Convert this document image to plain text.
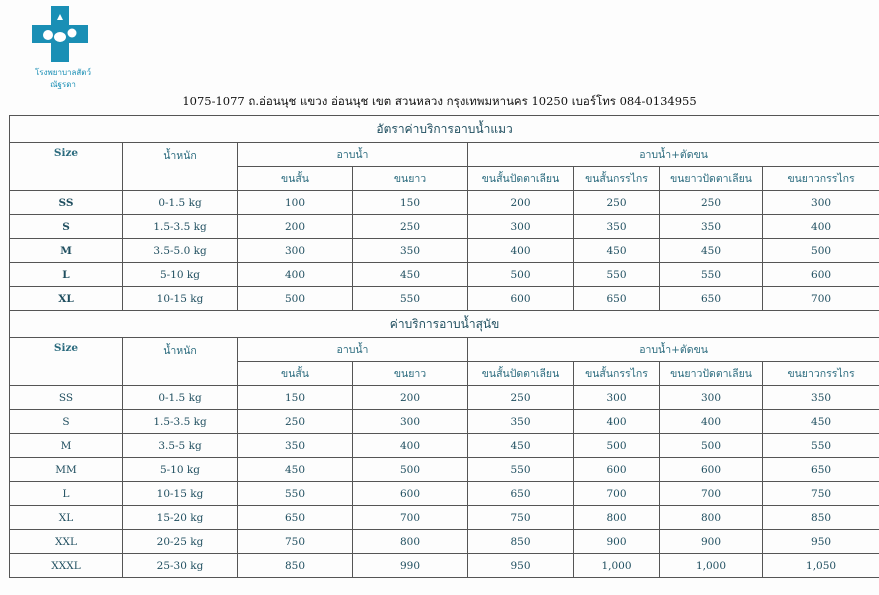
โรงพยาบาลสัตว์
ณัฐรดา
1075-1077 ถ.อ่อนนุช แขวง อ่อนนุช เขต สวนหลวง กรุงเทพมหานคร 10250 เบอร์โทร 084-0134955
อัตราค่าบริการอาบน้ำแมว							
Size	น้ำหนัก	อาบน้ำ		อาบน้ำ+ตัดขน			
		ขนสั้น	ขนยาว	ขนสั้นปัดตาเลียน	ขนสั้นกรรไกร	ขนยาวปัดตาเลียน	ขนยาวกรรไกร
SS	0-1.5 kg	100	150	200	250	250	300
S	1.5-3.5 kg	200	250	300	350	350	400
M	3.5-5.0 kg	300	350	400	450	450	500
L	5-10 kg	400	450	500	550	550	600
XL	10-15 kg	500	550	600	650	650	700
ค่าบริการอาบน้ำสุนัข							
Size	น้ำหนัก	อาบน้ำ		อาบน้ำ+ตัดขน			
		ขนสั้น	ขนยาว	ขนสั้นปัดตาเลียน	ขนสั้นกรรไกร	ขนยาวปัดตาเลียน	ขนยาวกรรไกร
SS	0-1.5 kg	150	200	250	300	300	350
S	1.5-3.5 kg	250	300	350	400	400	450
M	3.5-5 kg	350	400	450	500	500	550
MM	5-10 kg	450	500	550	600	600	650
L	10-15 kg	550	600	650	700	700	750
XL	15-20 kg	650	700	750	800	800	850
XXL	20-25 kg	750	800	850	900	900	950
XXXL	25-30 kg	850	990	950	1,000	1,000	1,050
